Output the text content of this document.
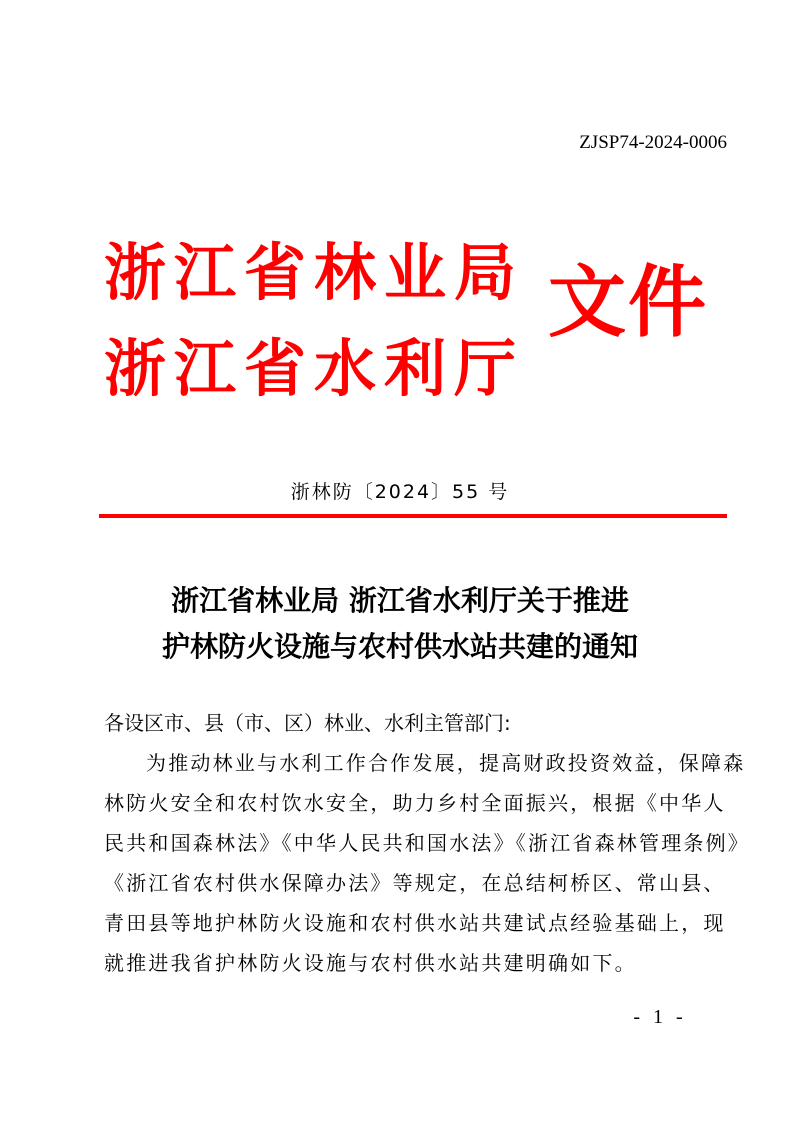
ZJSP74-2024-0006
浙江省林业局
浙江省水利厅
文件
浙林防〔2024〕55 号
浙江省林业局 浙江省水利厅关于推进
护林防火设施与农村供水站共建的通知
各设区市、县（市、区）林业、水利主管部门:
为推动林业与水利工作合作发展，提高财政投资效益，保障森
林防火安全和农村饮水安全，助力乡村全面振兴，根据《中华人
民共和国森林法》《中华人民共和国水法》《浙江省森林管理条例》
《浙江省农村供水保障办法》等规定，在总结柯桥区、常山县、
青田县等地护林防火设施和农村供水站共建试点经验基础上，现
就推进我省护林防火设施与农村供水站共建明确如下。
- 1 -
